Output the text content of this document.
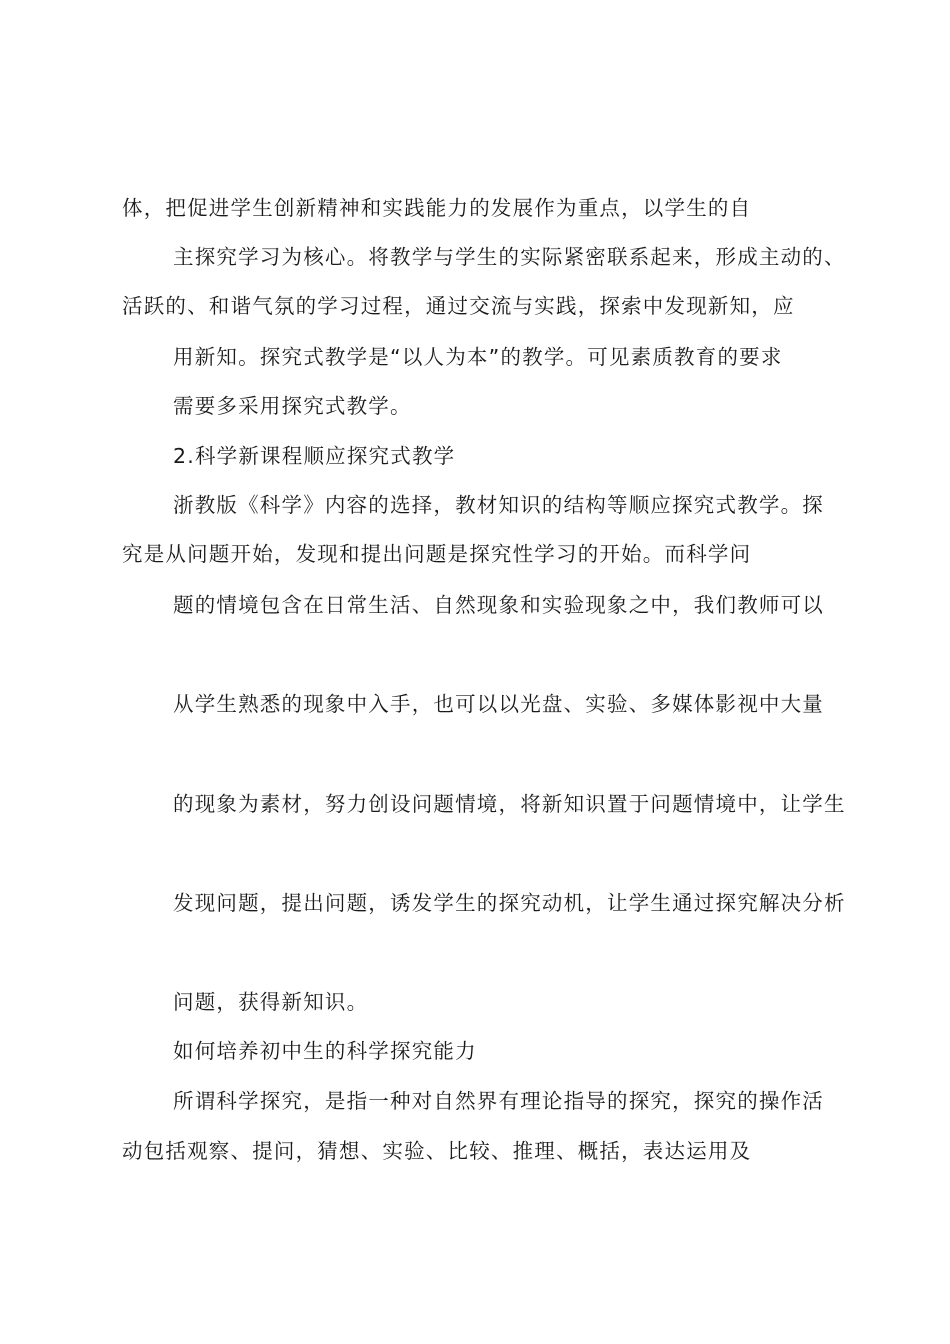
体，把促进学生创新精神和实践能力的发展作为重点，以学生的自
主探究学习为核心。将教学与学生的实际紧密联系起来，形成主动的、
活跃的、和谐气氛的学习过程，通过交流与实践，探索中发现新知，应
用新知。探究式教学是“以人为本”的教学。可见素质教育的要求
需要多采用探究式教学。
2.科学新课程顺应探究式教学
浙教版《科学》内容的选择，教材知识的结构等顺应探究式教学。探
究是从问题开始，发现和提出问题是探究性学习的开始。而科学问
题的情境包含在日常生活、自然现象和实验现象之中，我们教师可以
从学生熟悉的现象中入手，也可以以光盘、实验、多媒体影视中大量
的现象为素材，努力创设问题情境，将新知识置于问题情境中，让学生
发现问题，提出问题，诱发学生的探究动机，让学生通过探究解决分析
问题，获得新知识。
如何培养初中生的科学探究能力
所谓科学探究，是指一种对自然界有理论指导的探究，探究的操作活
动包括观察、提问，猜想、实验、比较、推理、概括，表达运用及
